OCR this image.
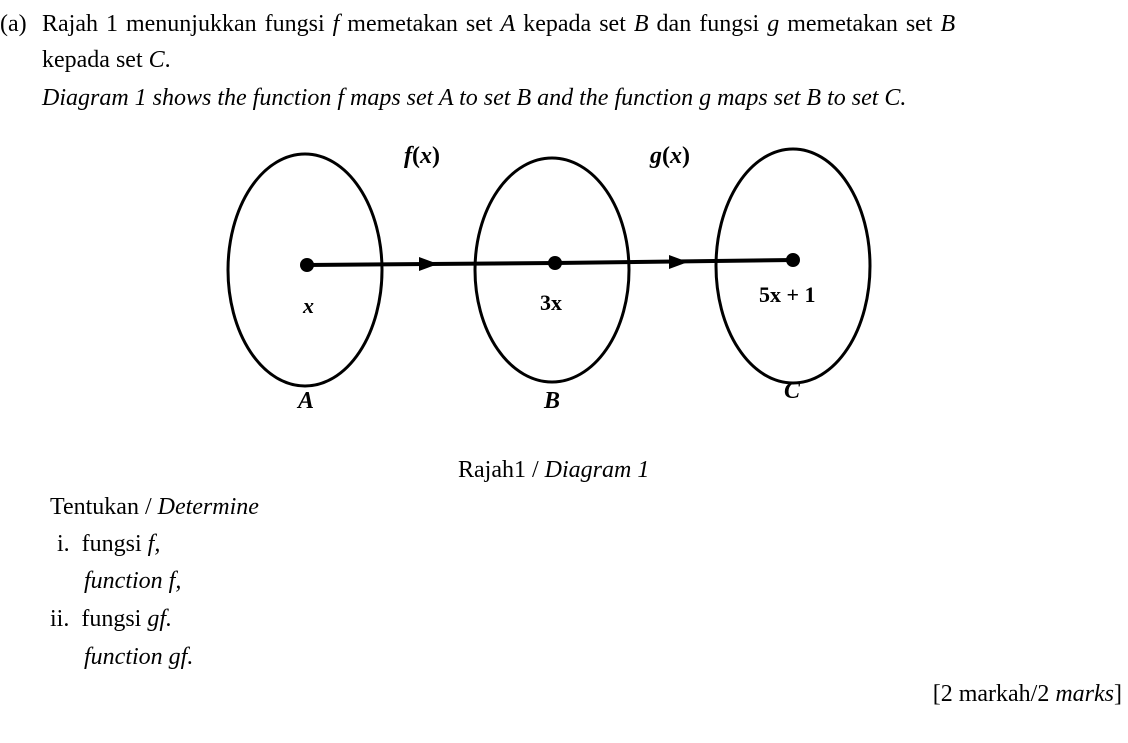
(a) Rajah 1 menunjukkan fungsi f memetakan set A kepada set B dan fungsi g memetakan set B
kepada set C.
Diagram 1 shows the function f maps set A to set B and the function g maps set B to set C.
f(x)	g(x)
x	3x	5x + 1
A	B	C
Rajah1 / Diagram 1
Tentukan / Determine
i. fungsi f,
function f,
ii. fungsi gf.
function gf.
[2 markah/2 marks]
